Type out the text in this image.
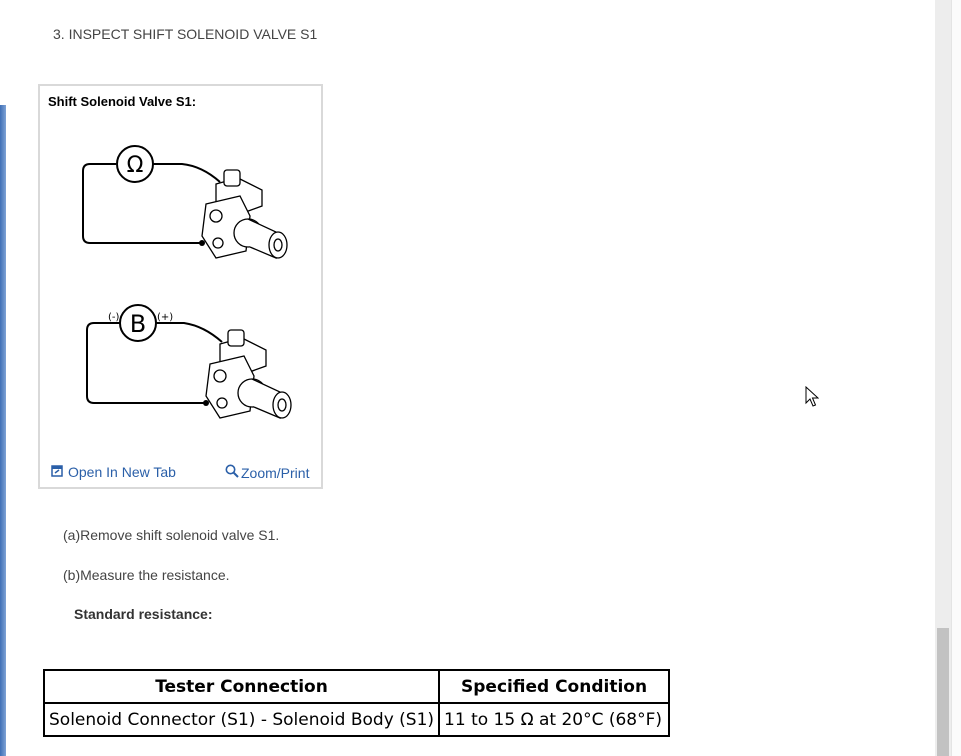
3. INSPECT SHIFT SOLENOID VALVE S1
Ω
B
(-)	(+)
Shift Solenoid Valve S1:
Open In New Tab	Zoom/Print
(a)Remove shift solenoid valve S1.
(b)Measure the resistance.
Standard resistance:
Tester Connection	Specified Condition
Solenoid Connector (S1) - Solenoid Body (S1)	11 to 15 Ω at 20°C (68°F)
